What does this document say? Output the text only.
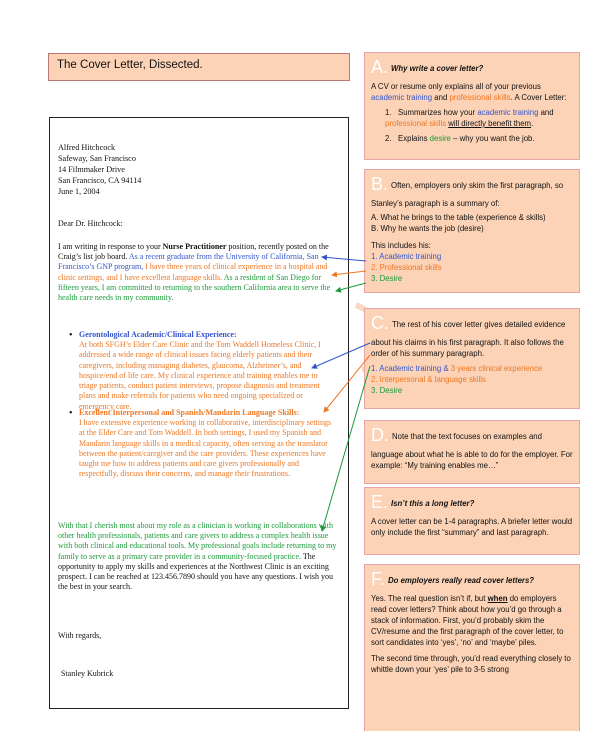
The Cover Letter, Dissected.
Alfred Hitchcock
Safeway, San Francisco
14 Filmmaker Drive
San Francisco, CA 94114
June 1, 2004
Dear Dr. Hitchcock:
I am writing in response to your Nurse Practitioner position, recently posted on the Craig’s list job board. As a recent graduate from the University of California, San Francisco’s GNP program, I have three years of clinical experience in a hospital and clinic settings, and I have excellent language skills. As a resident of San Diego for fifteen years, I am committed to returning to the southern California area to serve the health care needs in my community.
• Gerontological Academic/Clinical Experience:
At both SFGH’s Elder Care Clinic and the Tom Waddell Homeless Clinic, I addressed a wide range of clinical issues facing elderly patients and their caregivers, including managing diabetes, glaucoma, Alzheimer’s, and hospice/end of life care. My clinical experience and training enables me to triage patients, conduct patient interviews, propose diagnosis and treatment plans and make referrals for patients who need ongoing specialized or emergency care.
• Excellent Interpersonal and Spanish/Mandarin Language Skills:
I have extensive experience working in collaborative, interdisciplinary settings at the Elder Care and Tom Waddell. In both settings, I used my Spanish and Mandarin language skills in a medical capacity, often serving as the translator between the patient/caregiver and the care providers. These experiences have taught me how to address patients and care givers professionally and respectfully, discuss their concerns, and manage their frustrations.
With that I cherish most about my role as a clinician is working in collaborations with other health professionals, patients and care givers to address a complex health issue with both clinical and educational tools. My professional goals include returning to my family to serve as a primary care provider in a community-focused practice. The opportunity to apply my skills and experiences at the Northwest Clinic is an exciting prospect. I can be reached at 123.456.7890 should you have any questions. I wish you the best in your search.
With regards,
Stanley Kubrick
A. Why write a cover letter?
A CV or resume only explains all of your previous academic training and professional skills. A Cover Letter:
1. Summarizes how your academic training and professional skills will directly benefit them.
2. Explains desire – why you want the job.
B. Often, employers only skim the first paragraph, so Stanley’s paragraph is a summary of:
A. What he brings to the table (experience & skills)
B. Why he wants the job (desire)
This includes his:
1. Academic training
2. Professional skills
3. Desire
C. The rest of his cover letter gives detailed evidence about his claims in his first paragraph. It also follows the order of his summary paragraph.
1. Academic training & 3 years clinical experience
2. Interpersonal & language skills
3. Desire
D. Note that the text focuses on examples and language about what he is able to do for the employer. For example: “My training enables me…”
E. Isn’t this a long letter?
A cover letter can be 1-4 paragraphs. A briefer letter would only include the first “summary” and last paragraph.
F. Do employers really read cover letters?
Yes. The real question isn’t if, but when do employers read cover letters? Think about how you’d go through a stack of information. First, you’d probably skim the CV/resume and the first paragraph of the cover letter, to sort candidates into ‘yes’, ‘no’ and ‘maybe’ piles.
The second time through, you’d read everything closely to whittle down your ‘yes’ pile to 3-5 strong
